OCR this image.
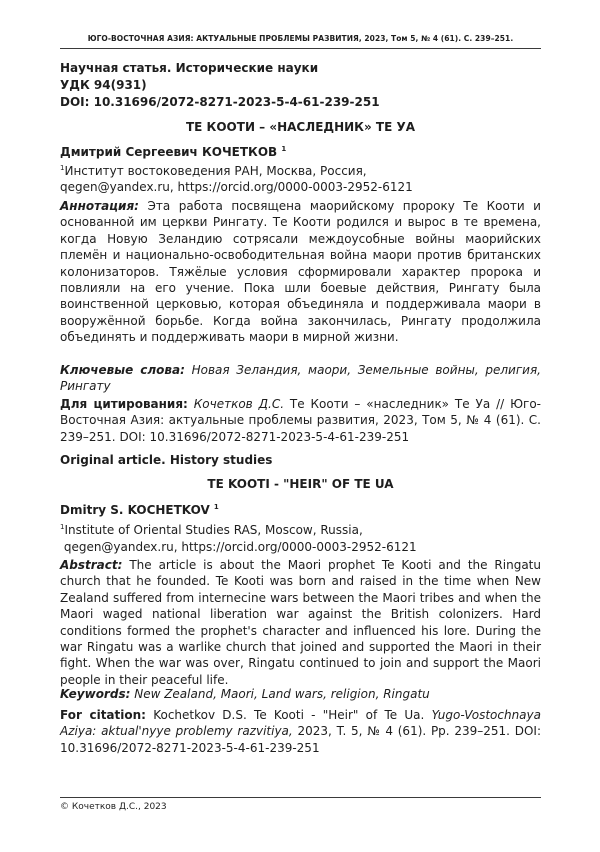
ЮГО-ВОСТОЧНАЯ АЗИЯ: АКТУАЛЬНЫЕ ПРОБЛЕМЫ РАЗВИТИЯ, 2023, Том 5, № 4 (61). С. 239–251.
Научная статья. Исторические науки
УДК 94(931)
DOI: 10.31696/2072-8271-2023-5-4-61-239-251
ТЕ КООТИ – «НАСЛЕДНИК» ТЕ УА
Дмитрий Сергеевич КОЧЕТКОВ $^1$
$^1$Институт востоковедения РАН, Москва, Россия,
qegen@yandex.ru, https://orcid.org/0000-0003-2952-6121
Аннотация: Эта работа посвящена маорийскому пророку Те Кооти и основанной им церкви Рингату. Те Кооти родился и вырос в те времена, когда Новую Зеландию сотрясали междоусобные войны маорийских племён и национально-освободительная война маори против британских колонизаторов. Тяжёлые условия сформировали характер пророка и повлияли на его учение. Пока шли боевые действия, Рингату была воинственной церковью, которая объединяла и поддерживала маори в вооружённой борьбе. Когда война закончилась, Рингату продолжила объединять и поддерживать маори в мирной жизни.
Ключевые слова: Новая Зеландия, маори, Земельные войны, религия, Рингату
Для цитирования: Кочетков Д.С. Те Кооти – «наследник» Те Уа // Юго-Восточная Азия: актуальные проблемы развития, 2023, Том 5, № 4 (61). С. 239–251. DOI: 10.31696/2072-8271-2023-5-4-61-239-251
Original article. History studies
TE KOOTI - "HEIR" OF TE UA
Dmitry S. KOCHETKOV $^1$
$^1$Institute of Oriental Studies RAS, Moscow, Russia,
qegen@yandex.ru, https://orcid.org/0000-0003-2952-6121
Abstract: The article is about the Maori prophet Te Kooti and the Ringatu church that he founded. Te Kooti was born and raised in the time when New Zealand suffered from internecine wars between the Maori tribes and when the Maori waged national liberation war against the British colonizers. Hard conditions formed the prophet's character and influenced his lore. During the war Ringatu was a warlike church that joined and supported the Maori in their fight. When the war was over, Ringatu continued to join and support the Maori people in their peaceful life.
Keywords: New Zealand, Maori, Land wars, religion, Ringatu
For citation: Kochetkov D.S. Te Kooti - "Heir" of Te Ua. Yugo-Vostochnaya Aziya: aktual'nyye problemy razvitiya, 2023, T. 5, № 4 (61). Pp. 239–251. DOI: 10.31696/2072-8271-2023-5-4-61-239-251
© Кочетков Д.С., 2023
